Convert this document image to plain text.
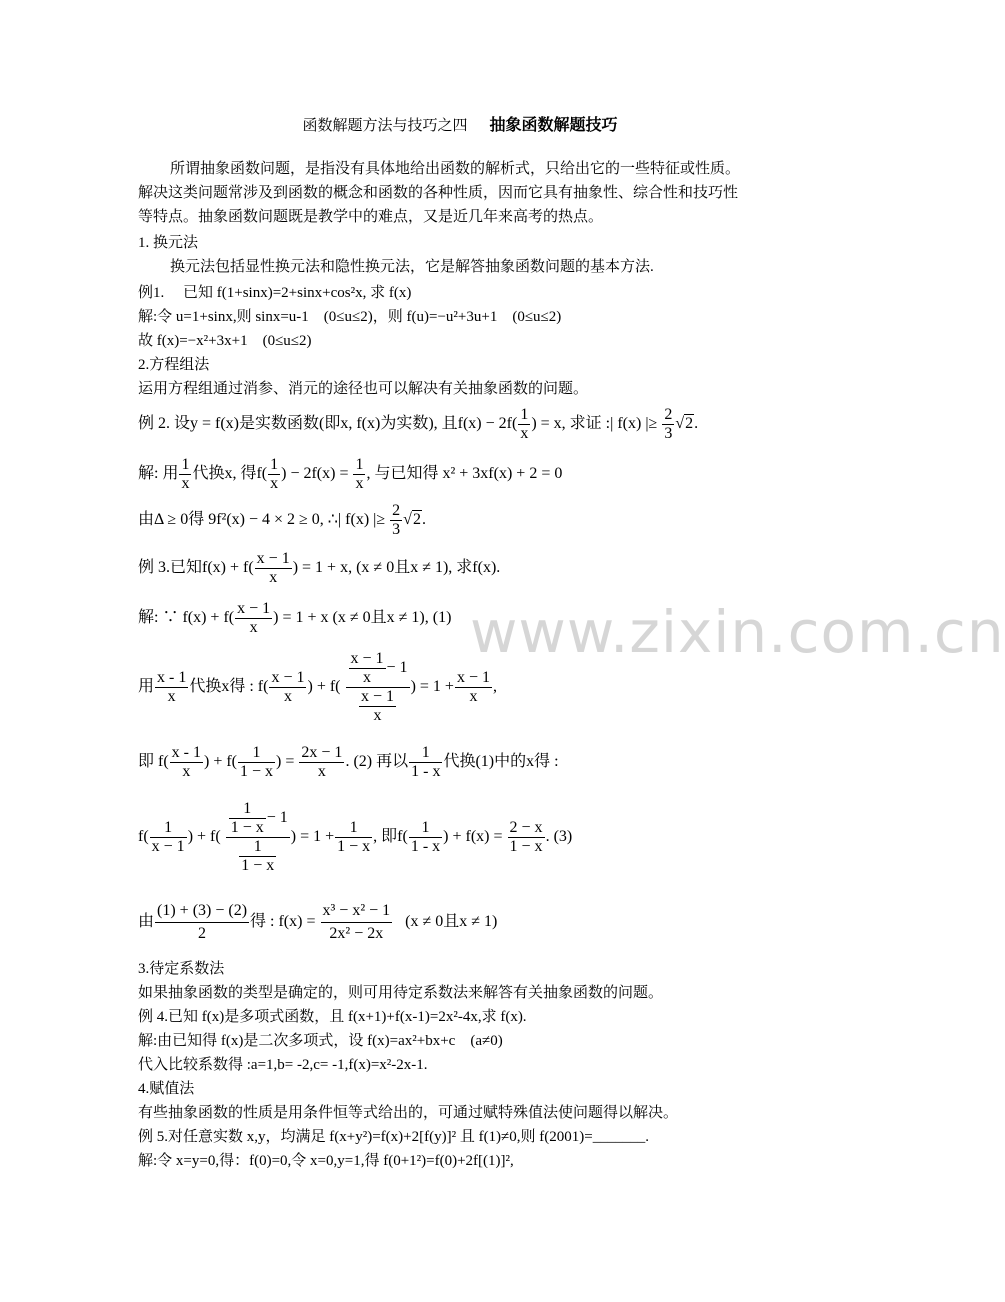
函数解题方法与技巧之四 抽象函数解题技巧
所谓抽象函数问题，是指没有具体地给出函数的解析式，只给出它的一些特征或性质。
解决这类问题常涉及到函数的概念和函数的各种性质，因而它具有抽象性、综合性和技巧性
等特点。抽象函数问题既是教学中的难点，又是近几年来高考的热点。
1. 换元法
换元法包括显性换元法和隐性换元法，它是解答抽象函数问题的基本方法.
例1.　 已知 f(1+sinx)=2+sinx+cos²x, 求 f(x)
解:令 u=1+sinx,则 sinx=u-1　(0≤u≤2)，则 f(u)=−u²+3u+1　(0≤u≤2)
故 f(x)=−x²+3x+1　(0≤u≤2)
2.方程组法
运用方程组通过消参、消元的途径也可以解决有关抽象函数的问题。
例 2. 设y = f(x)是实数函数(即x, f(x)为实数), 且$f(x) - 2f( \frac{1}{x}$ ) = x, 求证 :| f(x) |≥ $\frac{2}{3} √2$.
解: 用 $\frac{1}{x}$ 代换x, 得$f( \frac{1}{x}$ ) − $2f(x) = \frac{1}{x}$ , 与已知得 x² + 3xf(x) + 2 = 0
由Δ ≥ 0得 9f²(x) − 4 × 2 ≥ 0, ∴| f(x) |≥ $\frac{2}{3} √2$.
例 3.已知$f(x) + f( \frac{x - 1}{x}$ ) = 1 + x, (x ≠ 0且x ≠ 1), 求f(x).
解: ∵ $f(x) + f( \frac{x - 1}{x}$ ) = 1 + x (x ≠ 0且x ≠ 1), (1)
用 $\frac{x - 1}{x}$ 代换x得 : $f( \frac{x - 1}{x}$ ) + $f( \frac{\frac{x - 1}{x} - 1}{\frac{x - 1}{x}}$ ) = $1 + \frac{x - 1}{x}$ ,
即 $f( \frac{x - 1}{x}$ ) + $f( \frac{1}{1 - x}$ ) = $\frac{2x - 1}{x}$ . (2) 再以 $\frac{1}{1 - x}$ 代换(1)中的x得 :
$f( \frac{1}{x - 1}$ ) + $f( \frac{\frac{1}{1 - x} - 1}{\frac{1}{1 - x}}$ ) = $1 + \frac{1}{1 - x}$ , 即$f( \frac{1}{1 - x}$ ) + $f(x) = \frac{2 - x}{1 - x}$ . (3)
由 $\frac{(1) + (3) - (2)}{2}$ 得 : $f(x) = \frac{\text{x³ − x² − 1}}{\text{2x² − 2x}} (x \ne 0$且x ≠ 1)
3.待定系数法
如果抽象函数的类型是确定的，则可用待定系数法来解答有关抽象函数的问题。
例 4.已知 f(x)是多项式函数，且 f(x+1)+f(x-1)=2x²-4x,求 f(x).
解:由已知得 f(x)是二次多项式，设 f(x)=ax²+bx+c　(a≠0)
代入比较系数得 :a=1,b= -2,c= -1,f(x)=x²-2x-1.
4.赋值法
有些抽象函数的性质是用条件恒等式给出的，可通过赋特殊值法使问题得以解决。
例 5.对任意实数 x,y，均满足 f(x+y²)=f(x)+2[f(y)]² 且 f(1)≠0,则 f(2001)=_______.
解:令 x=y=0,得：f(0)=0,令 x=0,y=1,得 f(0+1²)=f(0)+2f[(1)]²,
www.zixin.com.cn
